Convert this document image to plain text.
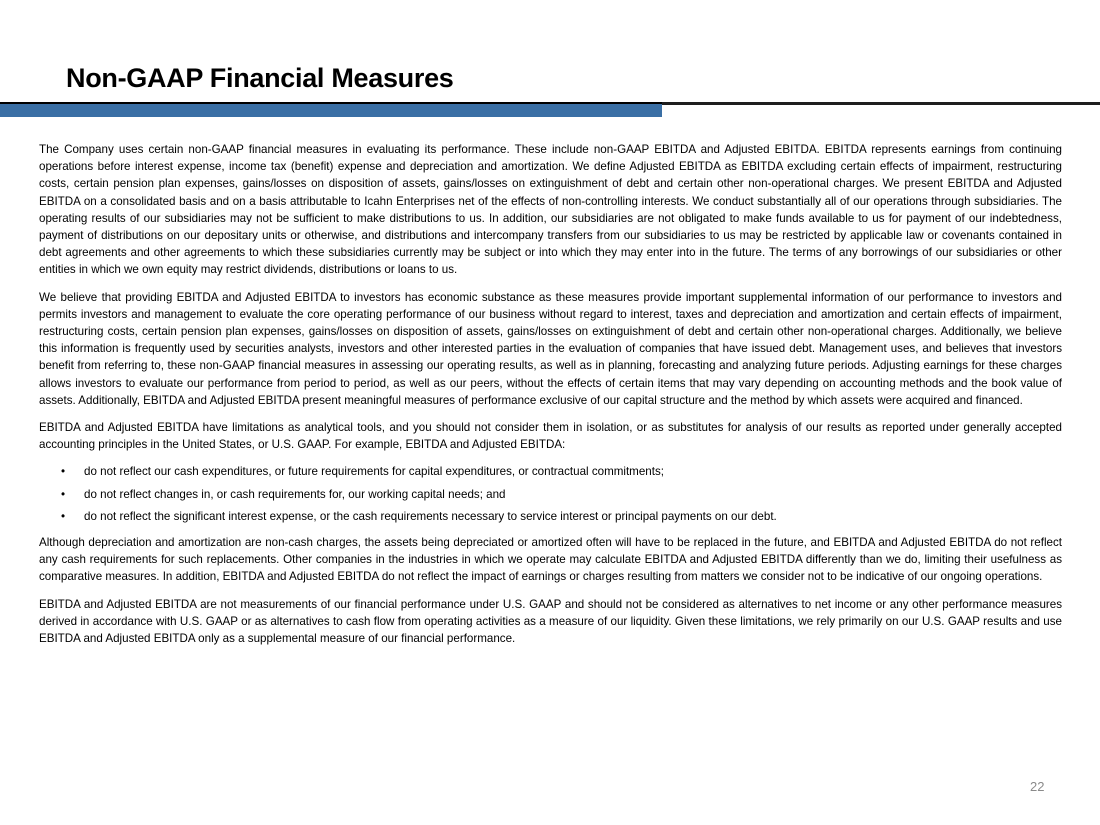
Non-GAAP Financial Measures

The Company uses certain non-GAAP financial measures in evaluating its performance. These include non-GAAP EBITDA and Adjusted EBITDA. EBITDA represents earnings from continuing operations before interest expense, income tax (benefit) expense and depreciation and amortization. We define Adjusted EBITDA as EBITDA excluding certain effects of impairment, restructuring costs, certain pension plan expenses, gains/losses on disposition of assets, gains/losses on extinguishment of debt and certain other non-operational charges. We present EBITDA and Adjusted EBITDA on a consolidated basis and on a basis attributable to Icahn Enterprises net of the effects of non-controlling interests. We conduct substantially all of our operations through subsidiaries. The operating results of our subsidiaries may not be sufficient to make distributions to us. In addition, our subsidiaries are not obligated to make funds available to us for payment of our indebtedness, payment of distributions on our depositary units or otherwise, and distributions and intercompany transfers from our subsidiaries to us may be restricted by applicable law or covenants contained in debt agreements and other agreements to which these subsidiaries currently may be subject or into which they may enter into in the future. The terms of any borrowings of our subsidiaries or other entities in which we own equity may restrict dividends, distributions or loans to us.

We believe that providing EBITDA and Adjusted EBITDA to investors has economic substance as these measures provide important supplemental information of our performance to investors and permits investors and management to evaluate the core operating performance of our business without regard to interest, taxes and depreciation and amortization and certain effects of impairment, restructuring costs, certain pension plan expenses, gains/losses on disposition of assets, gains/losses on extinguishment of debt and certain other non-operational charges. Additionally, we believe this information is frequently used by securities analysts, investors and other interested parties in the evaluation of companies that have issued debt. Management uses, and believes that investors benefit from referring to, these non-GAAP financial measures in assessing our operating results, as well as in planning, forecasting and analyzing future periods. Adjusting earnings for these charges allows investors to evaluate our performance from period to period, as well as our peers, without the effects of certain items that may vary depending on accounting methods and the book value of assets. Additionally, EBITDA and Adjusted EBITDA present meaningful measures of performance exclusive of our capital structure and the method by which assets were acquired and financed.

EBITDA and Adjusted EBITDA have limitations as analytical tools, and you should not consider them in isolation, or as substitutes for analysis of our results as reported under generally accepted accounting principles in the United States, or U.S. GAAP. For example, EBITDA and Adjusted EBITDA:

• do not reflect our cash expenditures, or future requirements for capital expenditures, or contractual commitments;
• do not reflect changes in, or cash requirements for, our working capital needs; and
• do not reflect the significant interest expense, or the cash requirements necessary to service interest or principal payments on our debt.

Although depreciation and amortization are non-cash charges, the assets being depreciated or amortized often will have to be replaced in the future, and EBITDA and Adjusted EBITDA do not reflect any cash requirements for such replacements. Other companies in the industries in which we operate may calculate EBITDA and Adjusted EBITDA differently than we do, limiting their usefulness as comparative measures. In addition, EBITDA and Adjusted EBITDA do not reflect the impact of earnings or charges resulting from matters we consider not to be indicative of our ongoing operations.

EBITDA and Adjusted EBITDA are not measurements of our financial performance under U.S. GAAP and should not be considered as alternatives to net income or any other performance measures derived in accordance with U.S. GAAP or as alternatives to cash flow from operating activities as a measure of our liquidity. Given these limitations, we rely primarily on our U.S. GAAP results and use EBITDA and Adjusted EBITDA only as a supplemental measure of our financial performance.

22
